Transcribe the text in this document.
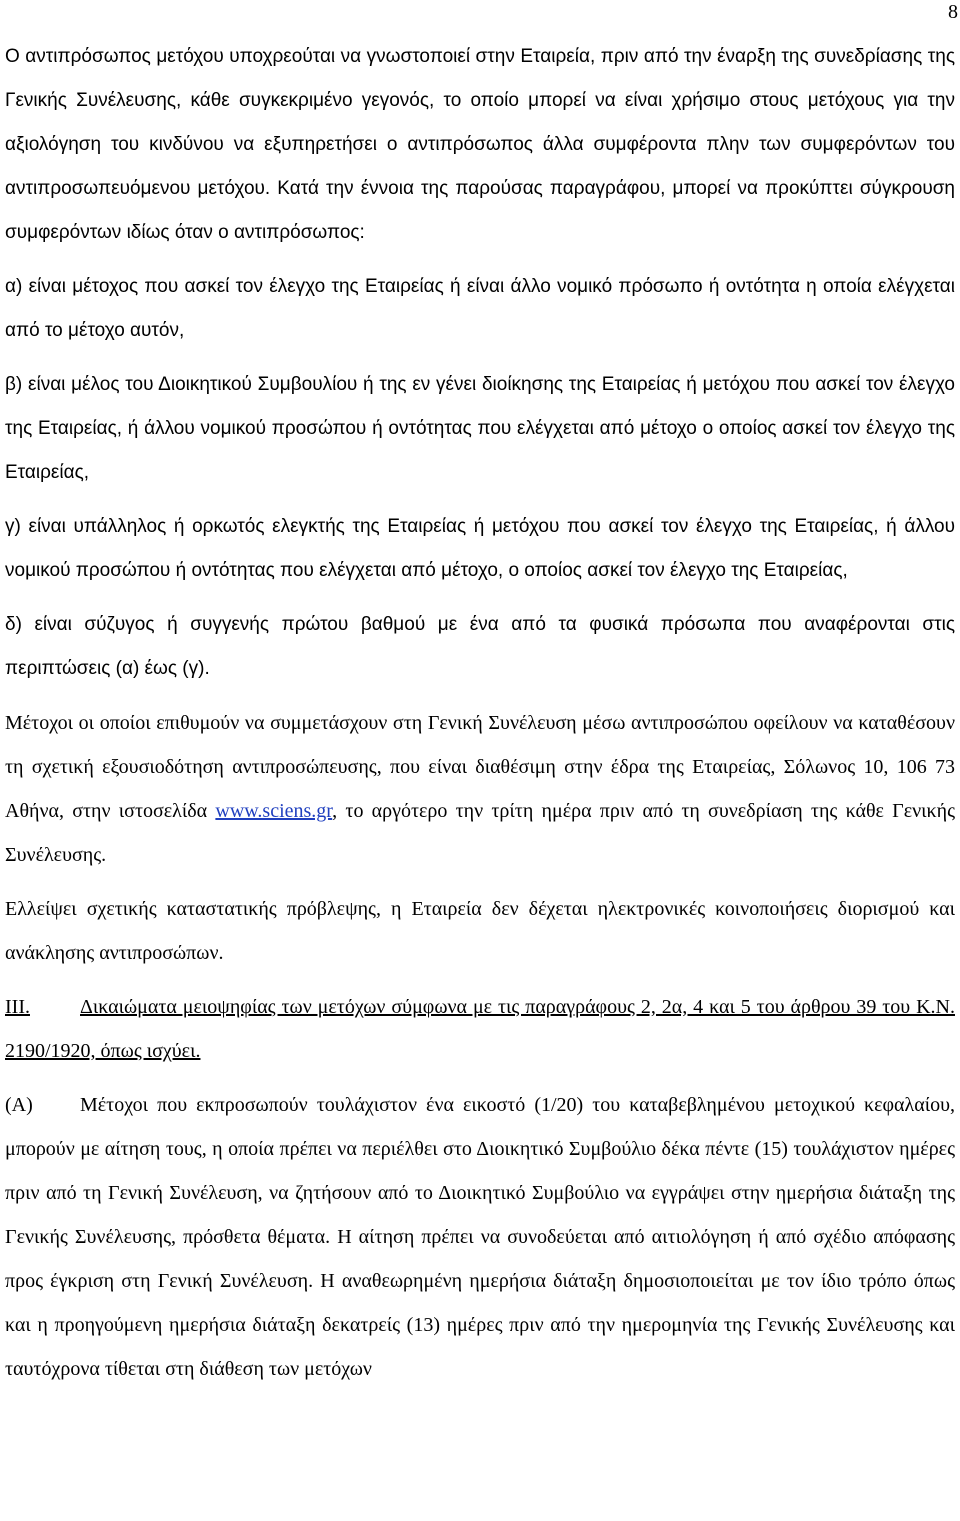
8

Ο αντιπρόσωπος μετόχου υποχρεούται να γνωστοποιεί στην Εταιρεία, πριν από την έναρξη της συνεδρίασης της Γενικής Συνέλευσης, κάθε συγκεκριμένο γεγονός, το οποίο μπορεί να είναι χρήσιμο στους μετόχους για την αξιολόγηση του κινδύνου να εξυπηρετήσει ο αντιπρόσωπος άλλα συμφέροντα πλην των συμφερόντων του αντιπροσωπευόμενου μετόχου. Κατά την έννοια της παρούσας παραγράφου, μπορεί να προκύπτει σύγκρουση συμφερόντων ιδίως όταν ο αντιπρόσωπος:

α) είναι μέτοχος που ασκεί τον έλεγχο της Εταιρείας ή είναι άλλο νομικό πρόσωπο ή οντότητα η οποία ελέγχεται από το μέτοχο αυτόν,

β) είναι μέλος του Διοικητικού Συμβουλίου ή της εν γένει διοίκησης της Εταιρείας ή μετόχου που ασκεί τον έλεγχο της Εταιρείας, ή άλλου νομικού προσώπου ή οντότητας που ελέγχεται από μέτοχο ο οποίος ασκεί τον έλεγχο της Εταιρείας,

γ) είναι υπάλληλος ή ορκωτός ελεγκτής της Εταιρείας ή μετόχου που ασκεί τον έλεγχο της Εταιρείας, ή άλλου νομικού προσώπου ή οντότητας που ελέγχεται από μέτοχο, ο οποίος ασκεί τον έλεγχο της Εταιρείας,

δ) είναι σύζυγος ή συγγενής πρώτου βαθμού με ένα από τα φυσικά πρόσωπα που αναφέρονται στις περιπτώσεις (α) έως (γ).

Μέτοχοι οι οποίοι επιθυμούν να συμμετάσχουν στη Γενική Συνέλευση μέσω αντιπροσώπου οφείλουν να καταθέσουν τη σχετική εξουσιοδότηση αντιπροσώπευσης, που είναι διαθέσιμη στην έδρα της Εταιρείας, Σόλωνος 10, 106 73 Αθήνα, στην ιστοσελίδα www.sciens.gr, το αργότερο την τρίτη ημέρα πριν από τη συνεδρίαση της κάθε Γενικής Συνέλευσης.

Ελλείψει σχετικής καταστατικής πρόβλεψης, η Εταιρεία δεν δέχεται ηλεκτρονικές κοινοποιήσεις διορισμού και ανάκλησης αντιπροσώπων.

III.	Δικαιώματα μειοψηφίας των μετόχων σύμφωνα με τις παραγράφους 2, 2α, 4 και 5 του άρθρου 39 του Κ.Ν. 2190/1920, όπως ισχύει.

(Α) Μέτοχοι που εκπροσωπούν τουλάχιστον ένα εικοστό (1/20) του καταβεβλημένου μετοχικού κεφαλαίου, μπορούν με αίτηση τους, η οποία πρέπει να περιέλθει στο Διοικητικό Συμβούλιο δέκα πέντε (15) τουλάχιστον ημέρες πριν από τη Γενική Συνέλευση, να ζητήσουν από το Διοικητικό Συμβούλιο να εγγράψει στην ημερήσια διάταξη της Γενικής Συνέλευσης, πρόσθετα θέματα. Η αίτηση πρέπει να συνοδεύεται από αιτιολόγηση ή από σχέδιο απόφασης προς έγκριση στη Γενική Συνέλευση. Η αναθεωρημένη ημερήσια διάταξη δημοσιοποιείται με τον ίδιο τρόπο όπως και η προηγούμενη ημερήσια διάταξη δεκατρείς (13) ημέρες πριν από την ημερομηνία της Γενικής Συνέλευσης και ταυτόχρονα τίθεται στη διάθεση των μετόχων
